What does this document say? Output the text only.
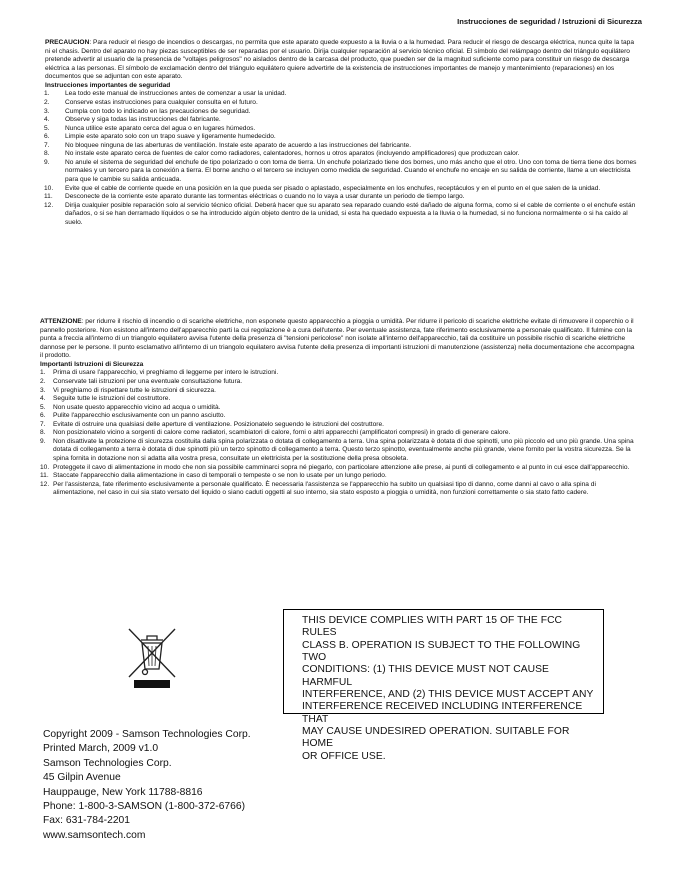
Instrucciones de seguridad / Istruzioni di Sicurezza

PRECAUCION: Para reducir el riesgo de incendios o descargas, no permita que este aparato quede expuesto a la lluvia o a la humedad. Para reducir el riesgo de descarga eléctrica, nunca quite la tapa ni el chasis. Dentro del aparato no hay piezas susceptibles de ser reparadas por el usuario. Dirija cualquier reparación al servicio técnico oficial. El símbolo del relámpago dentro del triángulo equilátero pretende advertir al usuario de la presencia de "voltajes peligrosos" no aislados dentro de la carcasa del producto, que pueden ser de la magnitud suficiente como para constituir un riesgo de descarga eléctrica a las personas. El símbolo de exclamación dentro del triángulo equilátero quiere advertirle de la existencia de instrucciones importantes de manejo y mantenimiento (reparaciones) en los documentos que se adjuntan con este aparato.

Instrucciones importantes de seguridad

1. Lea todo este manual de instrucciones antes de comenzar a usar la unidad.
2. Conserve estas instrucciones para cualquier consulta en el futuro.
3. Cumpla con todo lo indicado en las precauciones de seguridad.
4. Observe y siga todas las instrucciones del fabricante.
5. Nunca utilice este aparato cerca del agua o en lugares húmedos.
6. Limpie este aparato solo con un trapo suave y ligeramente humedecido.
7. No bloquee ninguna de las aberturas de ventilación. Instale este aparato de acuerdo a las instrucciones del fabricante.
8. No instale este aparato cerca de fuentes de calor como radiadores, calentadores, hornos u otros aparatos (incluyendo amplificadores) que produzcan calor.
9. No anule el sistema de seguridad del enchufe de tipo polarizado o con toma de tierra. Un enchufe polarizado tiene dos bornes, uno más ancho que el otro. Uno con toma de tierra tiene dos bornes normales y un tercero para la conexión a tierra. El borne ancho o el tercero se incluyen como medida de seguridad. Cuando el enchufe no encaje en su salida de corriente, llame a un electricista para que le cambie su salida anticuada.
10. Evite que el cable de corriente quede en una posición en la que pueda ser pisado o aplastado, especialmente en los enchufes, receptáculos y en el punto en el que salen de la unidad.
11. Desconecte de la corriente este aparato durante las tormentas eléctricas o cuando no lo vaya a usar durante un periodo de tiempo largo.
12. Dirija cualquier posible reparación solo al servicio técnico oficial. Deberá hacer que su aparato sea reparado cuando esté dañado de alguna forma, como si el cable de corriente o el enchufe están dañados, o si se han derramado líquidos o se ha introducido algún objeto dentro de la unidad, si esta ha quedado expuesta a la lluvia o la humedad, si no funciona normalmente o si ha caído al suelo.

ATTENZIONE: per ridurre il rischio di incendio o di scariche elettriche, non esponete questo apparecchio a pioggia o umidità. Per ridurre il pericolo di scariche elettriche evitate di rimuovere il coperchio o il pannello posteriore. Non esistono all'interno dell'apparecchio parti la cui regolazione è a cura dell'utente. Per eventuale assistenza, fate riferimento esclusivamente a personale qualificato. Il fulmine con la punta a freccia all'interno di un triangolo equilatero avvisa l'utente della presenza di "tensioni pericolose" non isolate all'interno dell'apparecchio, tali da costituire un possibile rischio di scariche elettriche dannose per le persone. Il punto esclamativo all'interno di un triangolo equilatero avvisa l'utente della presenza di importanti istruzioni di manutenzione (assistenza) nella documentazione che accompagna il prodotto.

Importanti Istruzioni di Sicurezza

1. Prima di usare l'apparecchio, vi preghiamo di leggerne per intero le istruzioni.
2. Conservate tali istruzioni per una eventuale consultazione futura.
3. Vi preghiamo di rispettare tutte le istruzioni di sicurezza.
4. Seguite tutte le istruzioni del costruttore.
5. Non usate questo apparecchio vicino ad acqua o umidità.
6. Pulite l'apparecchio esclusivamente con un panno asciutto.
7. Evitate di ostruire una qualsiasi delle aperture di ventilazione. Posizionatelo seguendo le istruzioni del costruttore.
8. Non posizionatelo vicino a sorgenti di calore come radiatori, scambiatori di calore, forni o altri apparecchi (amplificatori compresi) in grado di generare calore.
9. Non disattivate la protezione di sicurezza costituita dalla spina polarizzata o dotata di collegamento a terra. Una spina polarizzata è dotata di due spinotti, uno più piccolo ed uno più grande. Una spina dotata di collegamento a terra è dotata di due spinotti più un terzo spinotto di collegamento a terra. Questo terzo spinotto, eventualmente anche più grande, viene fornito per la vostra sicurezza. Se la spina fornita in dotazione non si adatta alla vostra presa, consultate un elettricista per la sostituzione della presa obsoleta.
10. Proteggete il cavo di alimentazione in modo che non sia possibile camminarci sopra né piegarlo, con particolare attenzione alle prese, ai punti di collegamento e al punto in cui esce dall'apparecchio.
11. Staccate l'apparecchio dalla alimentazione in caso di temporali o tempeste o se non lo usate per un lungo periodo.
12. Per l'assistenza, fate riferimento esclusivamente a personale qualificato. È necessaria l'assistenza se l'apparecchio ha subito un qualsiasi tipo di danno, come danni al cavo o alla spina di alimentazione, nel caso in cui sia stato versato del liquido o siano caduti oggetti al suo interno, sia stato esposto a pioggia o umidità, non funzioni correttamente o sia stato fatto cadere.
THIS DEVICE COMPLIES WITH PART 15 OF THE FCC RULES
CLASS B. OPERATION IS SUBJECT TO THE FOLLOWING TWO
CONDITIONS: (1) THIS DEVICE MUST NOT CAUSE HARMFUL
INTERFERENCE, AND (2) THIS DEVICE MUST ACCEPT ANY
INTERFERENCE RECEIVED INCLUDING INTERFERENCE THAT
MAY CAUSE UNDESIRED OPERATION. SUITABLE FOR HOME
OR OFFICE USE.
Copyright 2009 - Samson Technologies Corp.
Printed March, 2009 v1.0
Samson Technologies Corp.
45 Gilpin Avenue
Hauppauge, New York 11788-8816
Phone: 1-800-3-SAMSON (1-800-372-6766)
Fax: 631-784-2201
www.samsontech.com
